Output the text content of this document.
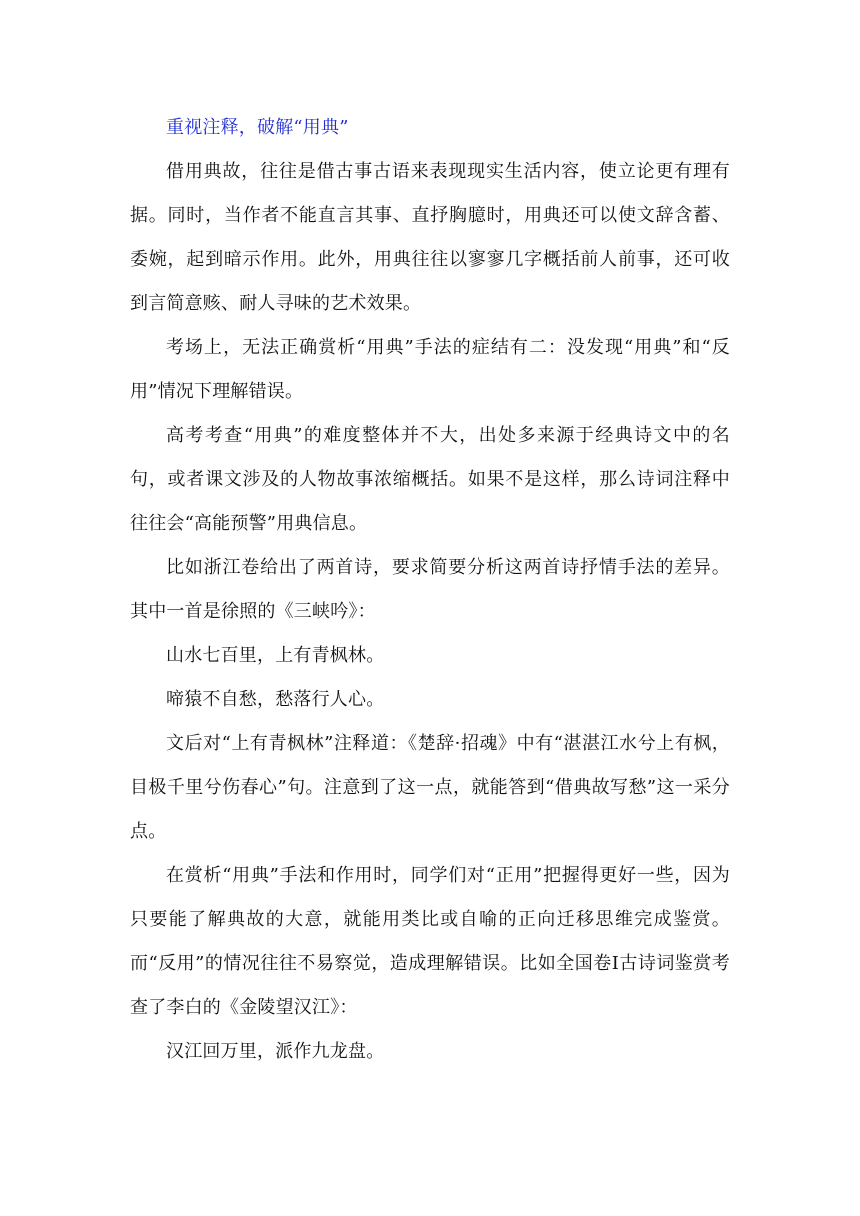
重视注释，破解“用典”

借用典故，往往是借古事古语来表现现实生活内容，使立论更有理有据。同时，当作者不能直言其事、直抒胸臆时，用典还可以使文辞含蓄、委婉，起到暗示作用。此外，用典往往以寥寥几字概括前人前事，还可收到言简意赅、耐人寻味的艺术效果。

考场上，无法正确赏析“用典”手法的症结有二：没发现“用典”和“反用”情况下理解错误。

高考考查“用典”的难度整体并不大，出处多来源于经典诗文中的名句，或者课文涉及的人物故事浓缩概括。如果不是这样，那么诗词注释中往往会“高能预警”用典信息。

比如浙江卷给出了两首诗，要求简要分析这两首诗抒情手法的差异。其中一首是徐照的《三峡吟》：

山水七百里，上有青枫林。

啼猿不自愁，愁落行人心。

文后对“上有青枫林”注释道：《楚辞·招魂》中有“湛湛江水兮上有枫，目极千里兮伤春心”句。注意到了这一点，就能答到“借典故写愁”这一采分点。

在赏析“用典”手法和作用时，同学们对“正用”把握得更好一些，因为只要能了解典故的大意，就能用类比或自喻的正向迁移思维完成鉴赏。而“反用”的情况往往不易察觉，造成理解错误。比如全国卷Ⅰ古诗词鉴赏考查了李白的《金陵望汉江》：

汉江回万里，派作九龙盘。
